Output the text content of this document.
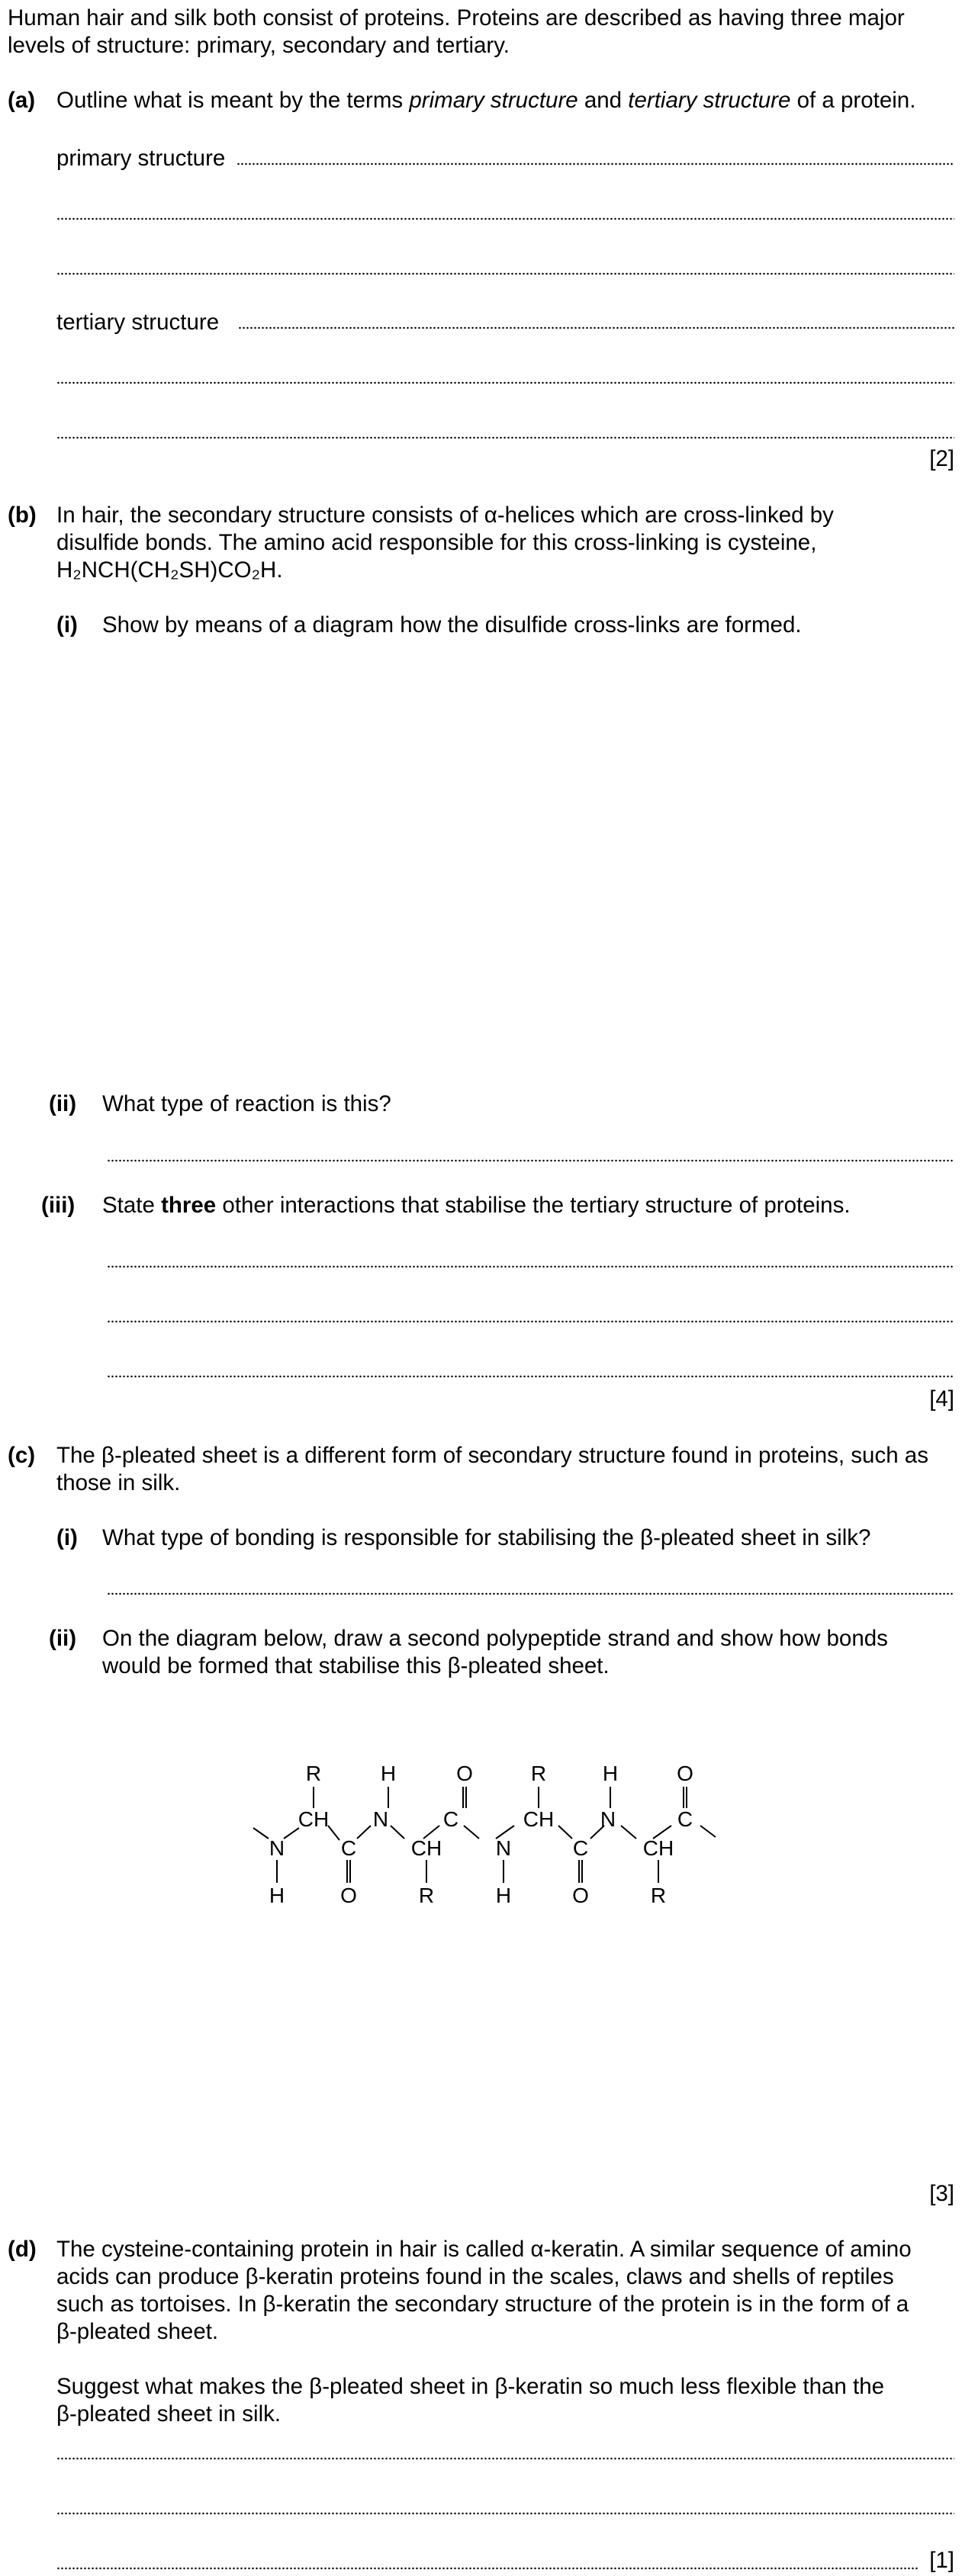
Human hair and silk both consist of proteins. Proteins are described as having three major
levels of structure: primary, secondary and tertiary.
(a) Outline what is meant by the terms primary structure and tertiary structure of a protein.
primary structure
tertiary structure
[2]
(b) In hair, the secondary structure consists of α-helices which are cross-linked by
disulfide bonds. The amino acid responsible for this cross-linking is cysteine,
H₂NCH(CH₂SH)CO₂H.
(i) Show by means of a diagram how the disulfide cross-links are formed.
(ii) What type of reaction is this?
(iii) State three other interactions that stabilise the tertiary structure of proteins.
[4]
(c) The β-pleated sheet is a different form of secondary structure found in proteins, such as
those in silk.
(i) What type of bonding is responsible for stabilising the β-pleated sheet in silk?
(ii) On the diagram below, draw a second polypeptide strand and show how bonds
would be formed that stabilise this β-pleated sheet.
R	H	O	R	H	O
CH N	C	CH N	C
N	C	CH	N	C	CH
H	O	R	H	O	R
[3]
(d) The cysteine-containing protein in hair is called α-keratin. A similar sequence of amino
acids can produce β-keratin proteins found in the scales, claws and shells of reptiles
such as tortoises. In β-keratin the secondary structure of the protein is in the form of a
β-pleated sheet.
Suggest what makes the β-pleated sheet in β-keratin so much less flexible than the
β-pleated sheet in silk.
[1]
